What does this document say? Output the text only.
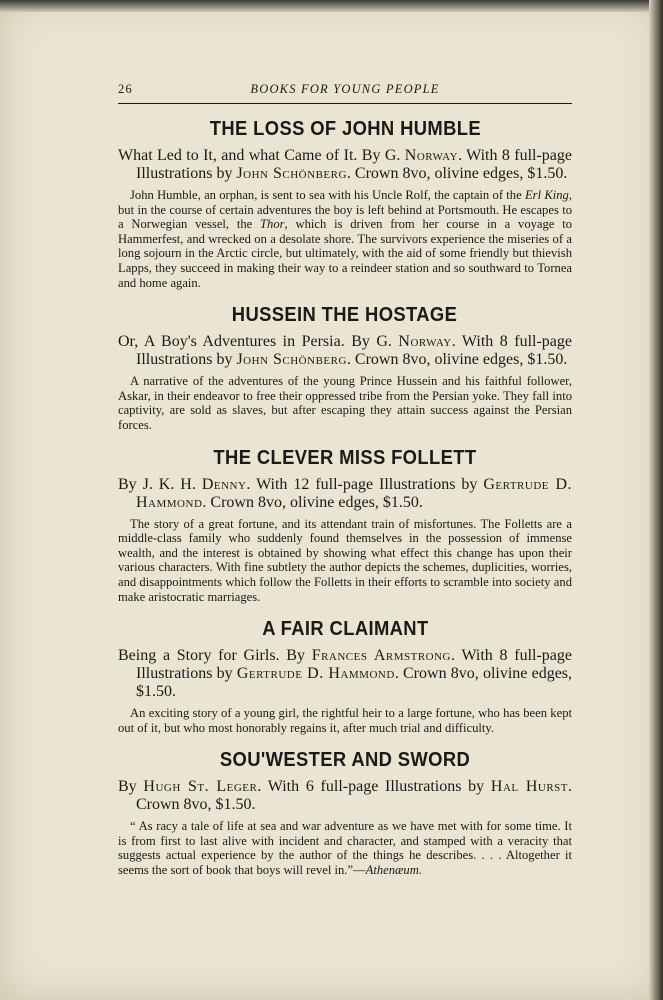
26	BOOKS FOR YOUNG PEOPLE
THE LOSS OF JOHN HUMBLE

What Led to It, and what Came of It. By G. Norway. With 8 full-page Illustrations by John Schönberg. Crown 8vo, olivine edges, $1.50.

John Humble, an orphan, is sent to sea with his Uncle Rolf, the captain of the Erl King, but in the course of certain adventures the boy is left behind at Portsmouth. He escapes to a Norwegian vessel, the Thor, which is driven from her course in a voyage to Hammerfest, and wrecked on a desolate shore. The survivors experience the miseries of a long sojourn in the Arctic circle, but ultimately, with the aid of some friendly but thievish Lapps, they succeed in making their way to a reindeer station and so southward to Tornea and home again.

HUSSEIN THE HOSTAGE

Or, A Boy's Adventures in Persia. By G. Norway. With 8 full-page Illustrations by John Schönberg. Crown 8vo, olivine edges, $1.50.

A narrative of the adventures of the young Prince Hussein and his faithful follower, Askar, in their endeavor to free their oppressed tribe from the Persian yoke. They fall into captivity, are sold as slaves, but after escaping they attain success against the Persian forces.

THE CLEVER MISS FOLLETT

By J. K. H. Denny. With 12 full-page Illustrations by Gertrude D. Hammond. Crown 8vo, olivine edges, $1.50.

The story of a great fortune, and its attendant train of misfortunes. The Folletts are a middle-class family who suddenly found themselves in the possession of immense wealth, and the interest is obtained by showing what effect this change has upon their various characters. With fine subtlety the author depicts the schemes, duplicities, worries, and disappointments which follow the Folletts in their efforts to scramble into society and make aristocratic marriages.

A FAIR CLAIMANT

Being a Story for Girls. By Frances Armstrong. With 8 full-page Illustrations by Gertrude D. Hammond. Crown 8vo, olivine edges, $1.50.

An exciting story of a young girl, the rightful heir to a large fortune, who has been kept out of it, but who most honorably regains it, after much trial and difficulty.

SOU'WESTER AND SWORD

By Hugh St. Leger. With 6 full-page Illustrations by Hal Hurst. Crown 8vo, $1.50.

“ As racy a tale of life at sea and war adventure as we have met with for some time. It is from first to last alive with incident and character, and stamped with a veracity that suggests actual experience by the author of the things he describes. . . . Altogether it seems the sort of book that boys will revel in.”—Athenæum.
